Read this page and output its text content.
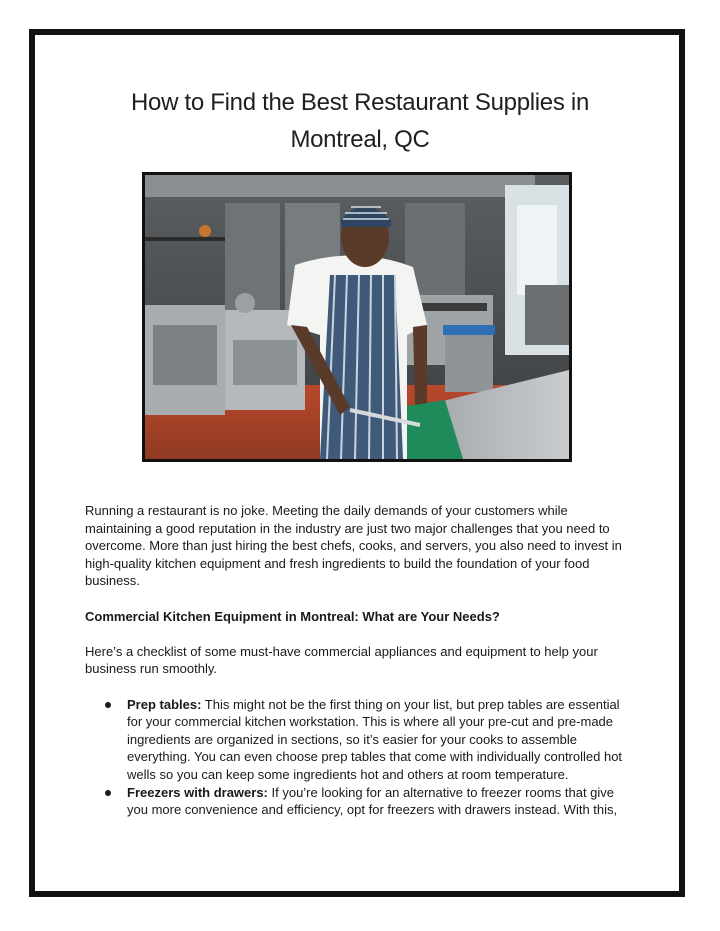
How to Find the Best Restaurant Supplies in
Montreal, QC

Running a restaurant is no joke. Meeting the daily demands of your customers while maintaining a good reputation in the industry are just two major challenges that you need to overcome. More than just hiring the best chefs, cooks, and servers, you also need to invest in high-quality kitchen equipment and fresh ingredients to build the foundation of your food business.

Commercial Kitchen Equipment in Montreal: What are Your Needs?

Here’s a checklist of some must-have commercial appliances and equipment to help your business run smoothly.

Prep tables: This might not be the first thing on your list, but prep tables are essential for your commercial kitchen workstation. This is where all your pre-cut and pre-made ingredients are organized in sections, so it’s easier for your cooks to assemble everything. You can even choose prep tables that come with individually controlled hot wells so you can keep some ingredients hot and others at room temperature.
Freezers with drawers: If you’re looking for an alternative to freezer rooms that give you more convenience and efficiency, opt for freezers with drawers instead. With this,
